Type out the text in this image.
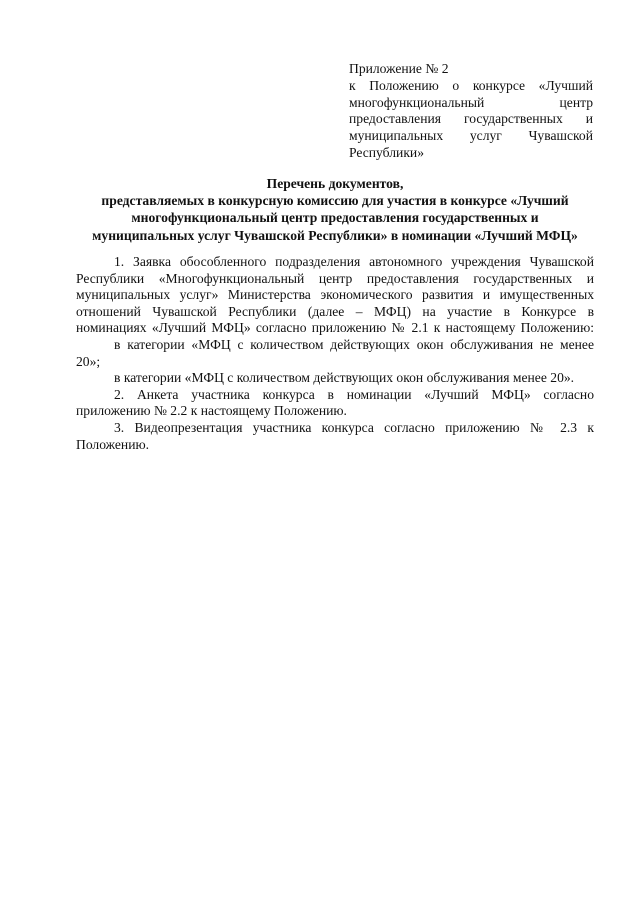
Приложение № 2
к Положению о конкурсе «Лучший
многофункциональный центр
предоставления государственных и
муниципальных услуг Чувашской
Республики»
Перечень документов,
представляемых в конкурсную комиссию для участия в конкурсе «Лучший
многофункциональный центр предоставления государственных и
муниципальных услуг Чувашской Республики» в номинации «Лучший МФЦ»
1. Заявка обособленного подразделения автономного учреждения Чувашской
Республики «Многофункциональный центр предоставления государственных и
муниципальных услуг» Министерства экономического развития и имущественных
отношений Чувашской Республики (далее – МФЦ) на участие в Конкурсе в
номинациях «Лучший МФЦ» согласно приложению № 2.1 к настоящему Положению:
в категории «МФЦ с количеством действующих окон обслуживания не менее
20»;
в категории «МФЦ с количеством действующих окон обслуживания менее 20».
2. Анкета участника конкурса в номинации «Лучший МФЦ» согласно
приложению № 2.2 к настоящему Положению.
3. Видеопрезентация участника конкурса согласно приложению № 2.3 к
Положению.
